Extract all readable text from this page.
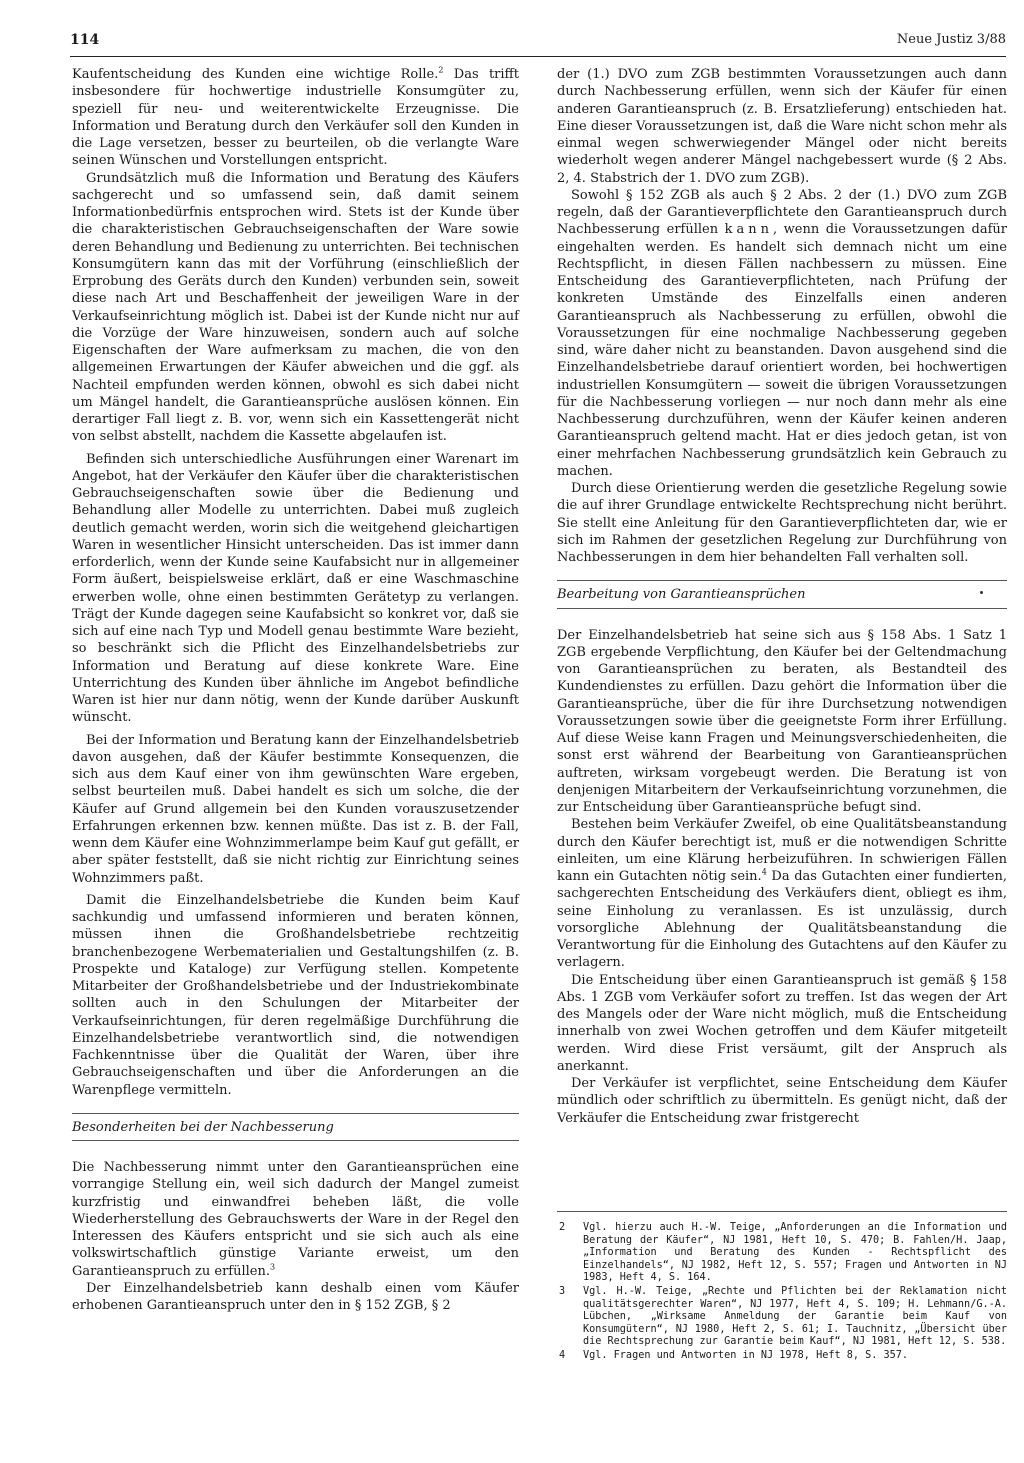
114	Neue Justiz 3/88

Kaufentscheidung des Kunden eine wichtige Rolle.$^2$ Das trifft insbesondere für hochwertige industrielle Konsumgüter zu, speziell für neu- und weiterentwickelte Erzeugnisse. Die Information und Beratung durch den Verkäufer soll den Kunden in die Lage versetzen, besser zu beurteilen, ob die verlangte Ware seinen Wünschen und Vorstellungen entspricht.

Grundsätzlich muß die Information und Beratung des Käufers sachgerecht und so umfassend sein, daß damit seinem Informationbedürfnis entsprochen wird. Stets ist der Kunde über die charakteristischen Gebrauchseigenschaften der Ware sowie deren Behandlung und Bedienung zu unterrichten. Bei technischen Konsumgütern kann das mit der Vorführung (einschließlich der Erprobung des Geräts durch den Kunden) verbunden sein, soweit diese nach Art und Beschaffenheit der jeweiligen Ware in der Verkaufseinrichtung möglich ist. Dabei ist der Kunde nicht nur auf die Vorzüge der Ware hinzuweisen, sondern auch auf solche Eigenschaften der Ware aufmerksam zu machen, die von den allgemeinen Erwartungen der Käufer abweichen und die ggf. als Nachteil empfunden werden können, obwohl es sich dabei nicht um Mängel handelt, die Garantieansprüche auslösen können. Ein derartiger Fall liegt z. B. vor, wenn sich ein Kassettengerät nicht von selbst abstellt, nachdem die Kassette abgelaufen ist.

Befinden sich unterschiedliche Ausführungen einer Warenart im Angebot, hat der Verkäufer den Käufer über die charakteristischen Gebrauchseigenschaften sowie über die Bedienung und Behandlung aller Modelle zu unterrichten. Dabei muß zugleich deutlich gemacht werden, worin sich die weitgehend gleichartigen Waren in wesentlicher Hinsicht unterscheiden. Das ist immer dann erforderlich, wenn der Kunde seine Kaufabsicht nur in allgemeiner Form äußert, beispielsweise erklärt, daß er eine Waschmaschine erwerben wolle, ohne einen bestimmten Gerätetyp zu verlangen. Trägt der Kunde dagegen seine Kaufabsicht so konkret vor, daß sie sich auf eine nach Typ und Modell genau bestimmte Ware bezieht, so beschränkt sich die Pflicht des Einzelhandelsbetriebs zur Information und Beratung auf diese konkrete Ware. Eine Unterrichtung des Kunden über ähnliche im Angebot befindliche Waren ist hier nur dann nötig, wenn der Kunde darüber Auskunft wünscht.

Bei der Information und Beratung kann der Einzelhandelsbetrieb davon ausgehen, daß der Käufer bestimmte Konsequenzen, die sich aus dem Kauf einer von ihm gewünschten Ware ergeben, selbst beurteilen muß. Dabei handelt es sich um solche, die der Käufer auf Grund allgemein bei den Kunden vorauszusetzender Erfahrungen erkennen bzw. kennen müßte. Das ist z. B. der Fall, wenn dem Käufer eine Wohnzimmerlampe beim Kauf gut gefällt, er aber später feststellt, daß sie nicht richtig zur Einrichtung seines Wohnzimmers paßt.

Damit die Einzelhandelsbetriebe die Kunden beim Kauf sachkundig und umfassend informieren und beraten können, müssen ihnen die Großhandelsbetriebe rechtzeitig branchenbezogene Werbematerialien und Gestaltungshilfen (z. B. Prospekte und Kataloge) zur Verfügung stellen. Kompetente Mitarbeiter der Großhandelsbetriebe und der Industriekombinate sollten auch in den Schulungen der Mitarbeiter der Verkaufseinrichtungen, für deren regelmäßige Durchführung die Einzelhandelsbetriebe verantwortlich sind, die notwendigen Fachkenntnisse über die Qualität der Waren, über ihre Gebrauchseigenschaften und über die Anforderungen an die Warenpflege vermitteln.

Besonderheiten bei der Nachbesserung

Die Nachbesserung nimmt unter den Garantieansprüchen eine vorrangige Stellung ein, weil sich dadurch der Mangel zumeist kurzfristig und einwandfrei beheben läßt, die volle Wiederherstellung des Gebrauchswerts der Ware in der Regel den Interessen des Käufers entspricht und sie sich auch als eine volkswirtschaftlich günstige Variante erweist, um den Garantieanspruch zu erfüllen.$^3$

Der Einzelhandelsbetrieb kann deshalb einen vom Käufer erhobenen Garantieanspruch unter den in § 152 ZGB, § 2

der (1.) DVO zum ZGB bestimmten Voraussetzungen auch dann durch Nachbesserung erfüllen, wenn sich der Käufer für einen anderen Garantieanspruch (z. B. Ersatzlieferung) entschieden hat. Eine dieser Voraussetzungen ist, daß die Ware nicht schon mehr als einmal wegen schwerwiegender Mängel oder nicht bereits wiederholt wegen anderer Mängel nachgebessert wurde (§ 2 Abs. 2, 4. Stabstrich der 1. DVO zum ZGB).

Sowohl § 152 ZGB als auch § 2 Abs. 2 der (1.) DVO zum ZGB regeln, daß der Garantieverpflichtete den Garantieanspruch durch Nachbesserung erfüllen kann, wenn die Voraussetzungen dafür eingehalten werden. Es handelt sich demnach nicht um eine Rechtspflicht, in diesen Fällen nachbessern zu müssen. Eine Entscheidung des Garantieverpflichteten, nach Prüfung der konkreten Umstände des Einzelfalls einen anderen Garantieanspruch als Nachbesserung zu erfüllen, obwohl die Voraussetzungen für eine nochmalige Nachbesserung gegeben sind, wäre daher nicht zu beanstanden. Davon ausgehend sind die Einzelhandelsbetriebe darauf orientiert worden, bei hochwertigen industriellen Konsumgütern — soweit die übrigen Voraussetzungen für die Nachbesserung vorliegen — nur noch dann mehr als eine Nachbesserung durchzuführen, wenn der Käufer keinen anderen Garantieanspruch geltend macht. Hat er dies jedoch getan, ist von einer mehrfachen Nachbesserung grundsätzlich kein Gebrauch zu machen.

Durch diese Orientierung werden die gesetzliche Regelung sowie die auf ihrer Grundlage entwickelte Rechtsprechung nicht berührt. Sie stellt eine Anleitung für den Garantieverpflichteten dar, wie er sich im Rahmen der gesetzlichen Regelung zur Durchführung von Nachbesserungen in dem hier behandelten Fall verhalten soll.

Bearbeitung von Garantieansprüchen

Der Einzelhandelsbetrieb hat seine sich aus § 158 Abs. 1 Satz 1 ZGB ergebende Verpflichtung, den Käufer bei der Geltendmachung von Garantieansprüchen zu beraten, als Bestandteil des Kundendienstes zu erfüllen. Dazu gehört die Information über die Garantieansprüche, über die für ihre Durchsetzung notwendigen Voraussetzungen sowie über die geeignetste Form ihrer Erfüllung. Auf diese Weise kann Fragen und Meinungsverschiedenheiten, die sonst erst während der Bearbeitung von Garantieansprüchen auftreten, wirksam vorgebeugt werden. Die Beratung ist von denjenigen Mitarbeitern der Verkaufseinrichtung vorzunehmen, die zur Entscheidung über Garantieansprüche befugt sind.

Bestehen beim Verkäufer Zweifel, ob eine Qualitätsbeanstandung durch den Käufer berechtigt ist, muß er die notwendigen Schritte einleiten, um eine Klärung herbeizuführen. In schwierigen Fällen kann ein Gutachten nötig sein.$^4$ Da das Gutachten einer fundierten, sachgerechten Entscheidung des Verkäufers dient, obliegt es ihm, seine Einholung zu veranlassen. Es ist unzulässig, durch vorsorgliche Ablehnung der Qualitätsbeanstandung die Verantwortung für die Einholung des Gutachtens auf den Käufer zu verlagern.

Die Entscheidung über einen Garantieanspruch ist gemäß § 158 Abs. 1 ZGB vom Verkäufer sofort zu treffen. Ist das wegen der Art des Mangels oder der Ware nicht möglich, muß die Entscheidung innerhalb von zwei Wochen getroffen und dem Käufer mitgeteilt werden. Wird diese Frist versäumt, gilt der Anspruch als anerkannt.

Der Verkäufer ist verpflichtet, seine Entscheidung dem Käufer mündlich oder schriftlich zu übermitteln. Es genügt nicht, daß der Verkäufer die Entscheidung zwar fristgerecht

2 Vgl. hierzu auch H.-W. Teige, „Anforderungen an die Information und Beratung der Käufer“, NJ 1981, Heft 10, S. 470; B. Fahlen/H. Jaap, „Information und Beratung des Kunden - Rechtspflicht des Einzelhandels“, NJ 1982, Heft 12, S. 557; Fragen und Antworten in NJ 1983, Heft 4, S. 164.
3 Vgl. H.-W. Teige, „Rechte und Pflichten bei der Reklamation nicht qualitätsgerechter Waren“, NJ 1977, Heft 4, S. 109; H. Lehmann/G.-A. Lübchen, „Wirksame Anmeldung der Garantie beim Kauf von Konsumgütern“, NJ 1980, Heft 2, S. 61; I. Tauchnitz, „Übersicht über die Rechtsprechung zur Garantie beim Kauf“, NJ 1981, Heft 12, S. 538.
4 Vgl. Fragen und Antworten in NJ 1978, Heft 8, S. 357.
